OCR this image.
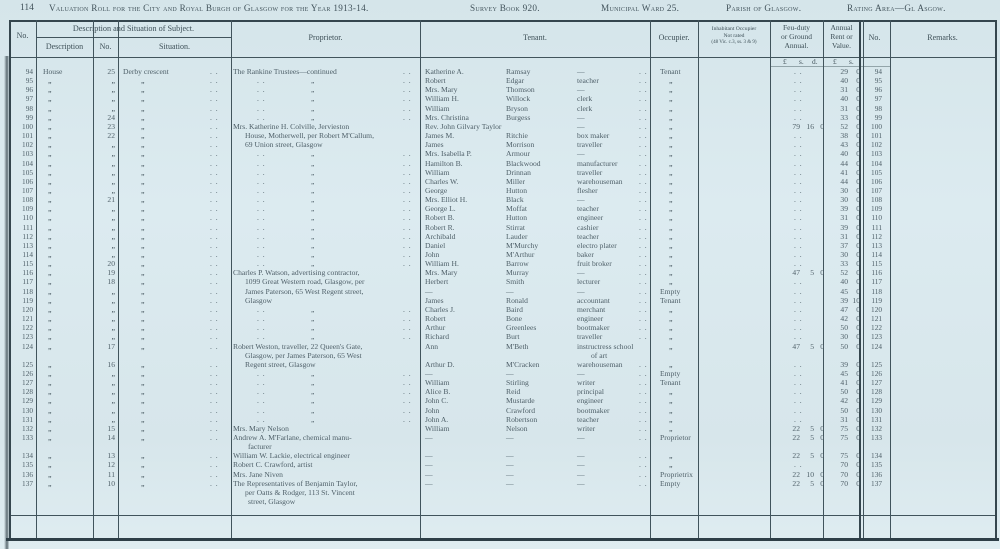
114 Valuation Roll for the City and Royal Burgh of Glasgow for the Year 1913-14.	Survey Book 920.	Municipal Ward 25.	Parish of Glasgow.	Rating Area—Gl Asgow.
No.
Description and Situation of Subject.
Description	No.	Situation.
Proprietor.	Tenant.	Occupier.
Inhabitant Occupier
Not rated
(48 Vic. c.3, ss. 3 & 9)
Feu-duty
or Ground
Annual.
Annual
Rent or
Value.
No.	Remarks.
£ s. d. £ s.
94 House	25 Derby crescent	. . The Rankine Trustees—continued	. . Katherine A.	Ramsay	—	. . Tenant	. .	29	0	94
95 „	„	„	. .	. .	„	. . Robert	Edgar	teacher	. .	„	. .	40	0	95
96 „	„	„	. .	. .	„	. . Mrs. Mary	Thomson	—	. .	„	. .	31	0	96
97 „	„	„	. .	. .	„	. . William H.	Willock	clerk	. .	„	. .	40	0	97
98 „	„	„	. .	. .	„	. . William	Bryson	clerk	. .	„	. .	31	0	98
99 „	24	„	. .	. .	„	. . Mrs. Christina	Burgess	—	. .	„	. .	33	0	99
100 „	23	„	. . Mrs. Katherine H. Colville, Jervieston	Rev. John Gilvary Taylor	—	. .	„	79 16 0	52	0	100
101 „	22	„	. .	House, Motherwell, per Robert M'Callum,	James M.	Ritchie	box maker	. .	„	. .	38	0	101
102 „	„	„	. .	69 Union street, Glasgow	James	Morrison	traveller	. .	„	. .	43	0	102
103 „	„	„	. .	. .	„	. . Mrs. Isabella P.	Armour	—	. .	„	. .	40	0	103
104 „	„	„	. .	. .	„	. . Hamilton B.	Blackwood	manufacturer	. .	„	. .	44	0	104
105 „	„	„	. .	. .	„	. . William	Drinnan	traveller	. .	„	. .	41	0	105
106 „	„	„	. .	. .	„	. . Charles W.	Miller	warehouseman . .	„	. .	44	0	106
107 „	„	„	. .	. .	„	. . George	Hutton	flesher	. .	„	. .	30	0	107
108 „	21	„	. .	. .	„	. . Mrs. Elliot H.	Black	—	. .	„	. .	30	0	108
109 „	„	„	. .	. .	„	. . George L.	Moffat	teacher	. .	„	. .	39	0	109
110 „	„	„	. .	. .	„	. . Robert B.	Hutton	engineer	. .	„	. .	31	0	110
111 „	„	„	. .	. .	„	. . Robert R.	Stirrat	cashier	. .	„	. .	39	0	111
112 „	„	„	. .	. .	„	. . Archibald	Lauder	teacher	. .	„	. .	31	0	112
113 „	„	„	. .	. .	„	. . Daniel	M'Murchy	electro plater	. .	„	. .	37	0	113
114 „	„	„	. .	. .	„	. . John	M'Arthur	baker	. .	„	. .	30	0	114
115 „	20	„	. .	. .	„	. . William H.	Barrow	fruit broker	. .	„	. .	33	0	115
116 „	19	„	. . Charles P. Watson, advertising contractor,	Mrs. Mary	Murray	—	. .	„	47	5 0	52	0	116
117 „	18	„	. .	1099 Great Western road, Glasgow, per	Herbert	Smith	lecturer	. .	„	. .	40	0	117
118 „	„	„	. .	James Paterson, 65 West Regent street,	—	—	—	. . Empty	. .	45	0	118
119 „	„	„	. .	Glasgow	James	Ronald	accountant	. . Tenant	. .	39 10	119
120 „	„	„	. .	. .	„	. . Charles J.	Baird	merchant	. .	„	. .	47	0	120
121 „	„	„	. .	. .	„	. . Robert	Bone	engineer	. .	„	. .	42	0	121
122 „	„	„	. .	. .	„	. . Arthur	Greenlees	bootmaker	. .	„	. .	50	0	122
123 „	„	„	. .	. .	„	. . Richard	Burt	traveller	. .	„	. .	30	0	123
124 „	17	„	. . Robert Weston, traveller, 22 Queen's Gate,	Ann	M'Beth	instructress school	„	47	5 0	50	0	124
Glasgow, per James Paterson, 65 West	of art
125 „	16	„	. .	Regent street, Glasgow	Arthur D.	M'Cracken	warehouseman . .	„	. .	39	0	125
126 „	„	„	. .	. .	„	. . —	—	—	. . Empty	. .	45	0	126
127 „	„	„	. .	. .	„	. . William	Stirling	writer	. . Tenant	. .	41	0	127
128 „	„	„	. .	. .	„	. . Alice B.	Reid	principal	. .	„	. .	50	0	128
129 „	„	„	. .	. .	„	. . John C.	Mustarde	engineer	. .	„	. .	42	0	129
130 „	„	„	. .	. .	„	. . John	Crawford	bootmaker	. .	„	. .	50	0	130
131 „	„	„	. .	. .	„	. . John A.	Robertson	teacher	. .	„	. .	31	0	131
132 „	15	„	. . Mrs. Mary Nelson	William	Nelson	writer	. .	„	22	5 0	75	0	132
133 „	14	„	. . Andrew A. M'Farlane, chemical manu-	—	—	—	. . Proprietor	22	5 0	75	0	133
facturer
134 „	13	„	. . William W. Lackie, electrical engineer	—	—	—	. .	„	22	5 0	75	0	134
135 „	12	„	. . Robert C. Crawford, artist	—	—	—	. .	„	. .	70	0	135
136 „	11	„	. . Mrs. Jane Niven	—	—	—	. . Proprietrix	22 10 0	70	0	136
137 „	10	„	. . The Representatives of Benjamin Taylor,	—	—	—	. . Empty	22	5 0	70	0	137
per Oatts & Rodger, 113 St. Vincent
street, Glasgow
